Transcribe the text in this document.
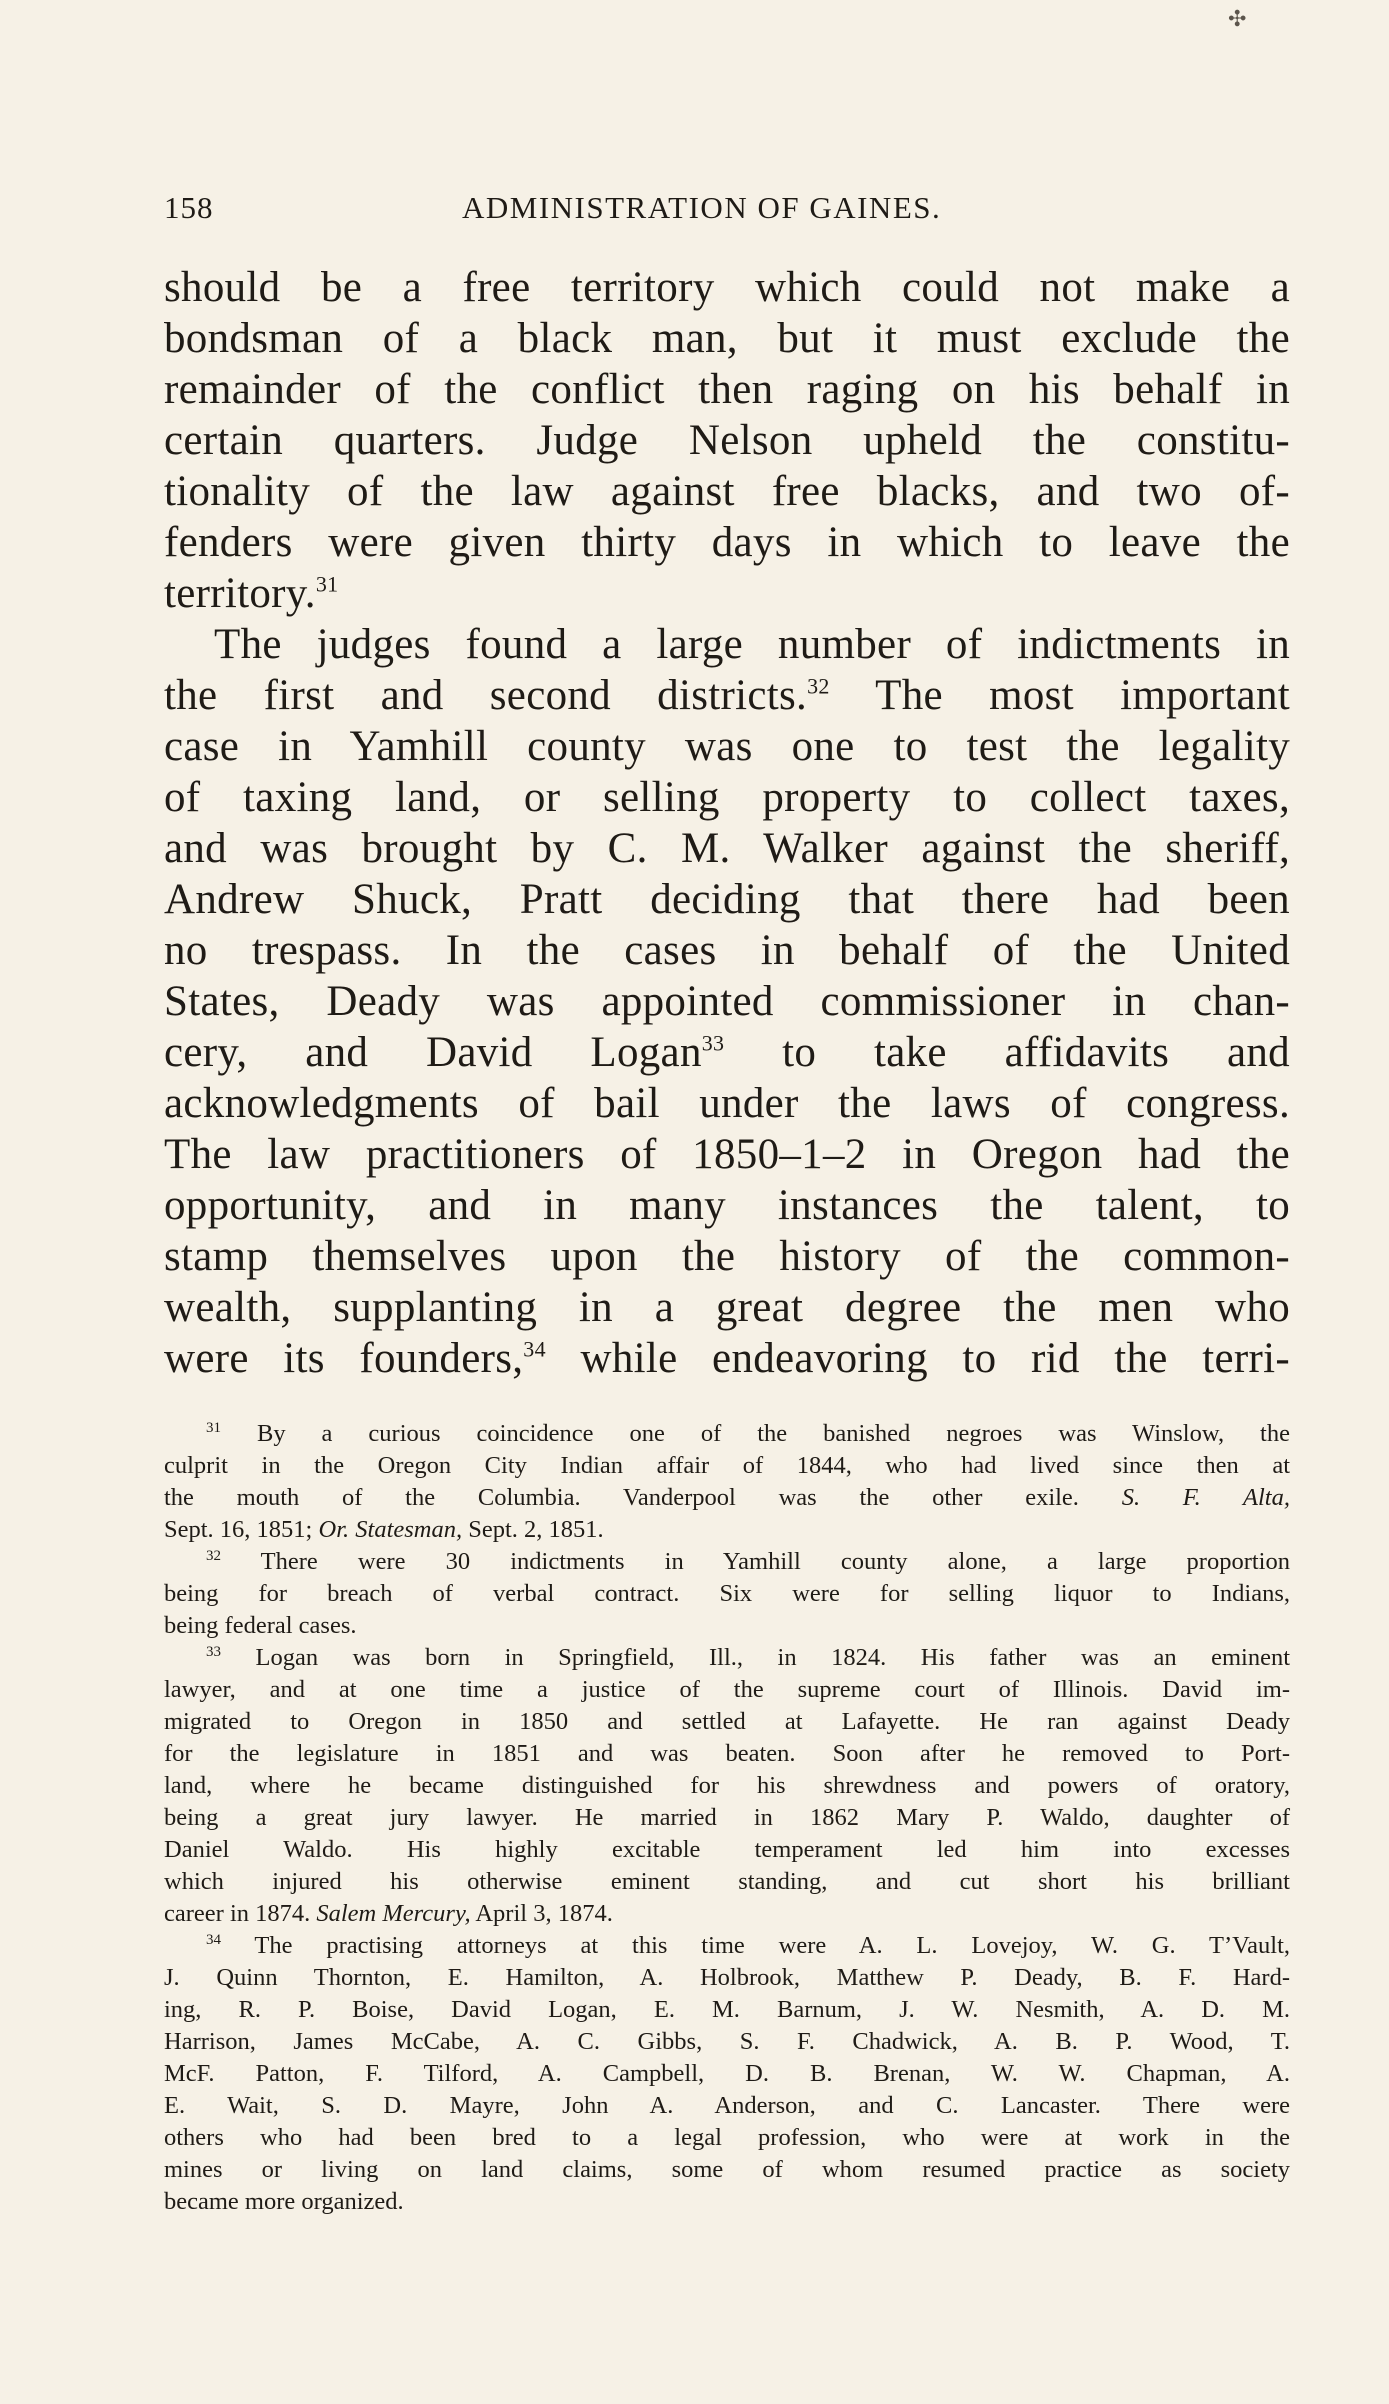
✣
158	ADMINISTRATION OF GAINES.
should be a free territory which could not make a
bondsman of a black man, but it must exclude the
remainder of the conflict then raging on his behalf in
certain quarters. Judge Nelson upheld the constitu-
tionality of the law against free blacks, and two of-
fenders were given thirty days in which to leave the
territory.$^{31}$
The judges found a large number of indictments in
the first and second districts.$^{32}$ The most important
case in Yamhill county was one to test the legality
of taxing land, or selling property to collect taxes,
and was brought by C. M. Walker against the sheriff,
Andrew Shuck, Pratt deciding that there had been
no trespass. In the cases in behalf of the United
States, Deady was appointed commissioner in chan-
cery, and David Logan$^{33}$ to take affidavits and
acknowledgments of bail under the laws of congress.
The law practitioners of 1850–1–2 in Oregon had the
opportunity, and in many instances the talent, to
stamp themselves upon the history of the common-
wealth, supplanting in a great degree the men who
were its founders,$^{34}$ while endeavoring to rid the terri-
$^{31}$ By a curious coincidence one of the banished negroes was Winslow, the
culprit in the Oregon City Indian affair of 1844, who had lived since then at
the mouth of the Columbia. Vanderpool was the other exile. S. F. Alta,
Sept. 16, 1851; Or. Statesman, Sept. 2, 1851.
$^{32}$ There were 30 indictments in Yamhill county alone, a large proportion
being for breach of verbal contract. Six were for selling liquor to Indians,
being federal cases.
$^{33}$ Logan was born in Springfield, Ill., in 1824. His father was an eminent
lawyer, and at one time a justice of the supreme court of Illinois. David im-
migrated to Oregon in 1850 and settled at Lafayette. He ran against Deady
for the legislature in 1851 and was beaten. Soon after he removed to Port-
land, where he became distinguished for his shrewdness and powers of oratory,
being a great jury lawyer. He married in 1862 Mary P. Waldo, daughter of
Daniel Waldo. His highly excitable temperament led him into excesses
which injured his otherwise eminent standing, and cut short his brilliant
career in 1874. Salem Mercury, April 3, 1874.
$^{34}$ The practising attorneys at this time were A. L. Lovejoy, W. G. T’Vault,
J. Quinn Thornton, E. Hamilton, A. Holbrook, Matthew P. Deady, B. F. Hard-
ing, R. P. Boise, David Logan, E. M. Barnum, J. W. Nesmith, A. D. M.
Harrison, James McCabe, A. C. Gibbs, S. F. Chadwick, A. B. P. Wood, T.
McF. Patton, F. Tilford, A. Campbell, D. B. Brenan, W. W. Chapman, A.
E. Wait, S. D. Mayre, John A. Anderson, and C. Lancaster. There were
others who had been bred to a legal profession, who were at work in the
mines or living on land claims, some of whom resumed practice as society
became more organized.
